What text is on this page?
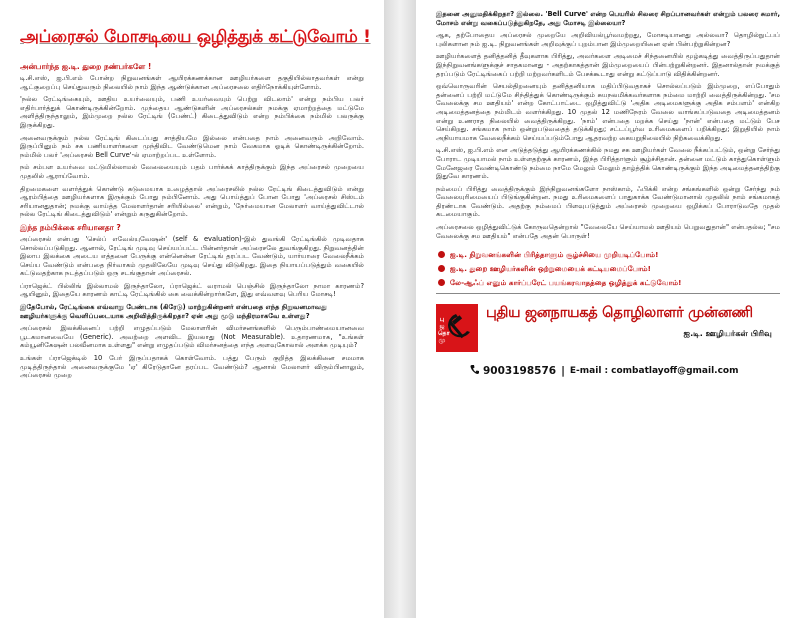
அப்ரைசல் மோசடியை ஒழித்துக் கட்டுவோம் !
அன்பார்ந்த ஐ.டி. துறை நண்பர்களே !

டி.சி.எஸ், ஐ.பி.எம் போன்ற நிறுவனங்கள் ஆயிரக்கணக்கான ஊழியர்களை தகுதியில்லாதவர்கள் என்று ஆட்குறைப்பு செய்துவரும் நிலையில் நாம் இந்த ஆண்டுக்கான அப்ரைசலை எதிர்நோக்கியுள்ளோம்.

'நல்ல ரேட்டிங்கையும், ஊதிய உயர்வையும், பணி உயர்வையும் பெற்று விடலாம்' என்று நம்பிய பலர் எதிர்பார்த்துக் கொண்டிருக்கின்றோம். முந்தைய ஆண்டுகளின் அப்ரைசல்கள் நமக்கு ஏமாற்றத்தை மட்டுமே அளித்திருந்தாலும், இம்முறை நல்ல ரேட்டிங் (பேண்ட்) கிடைத்துவிடும் என்ற நம்பிக்கை நம்மில் பலருக்கு இருக்கிறது.

அனைவருக்கும் நல்ல ரேட்டிங் கிடைப்பது சாத்தியமே இல்லை என்பதை நாம் அனைவரும் அறிவோம். இருப்பினும் நம் சக பணியாளர்களை முந்திவிட வேண்டுமென நாம் வேகமாக ஓடிக் கொண்டிருக்கின்றோம். நம்மில் பலர் 'அப்ரைசல் Bell Curve'-ல் ஏமாற்றப்பட உள்ளோம்.

நம் சம்பள உயர்வை மட்டுமில்லாமல் வேலையையும் பதம் பார்க்கக் காத்திருக்கும் இந்த அப்ரைசல் முறையை முதலில் ஆராய்வோம்.

திறமைகளை வளர்த்துக் கொண்டு கடுமையாக உழைத்தால் அப்ரைசலில் நல்ல ரேட்டிங் கிடைத்துவிடும் என்று ஆரம்பித்தை ஊழியர்களாக இருக்கும் போது நம்பினோம். அது பொய்த்துப் போன போது 'அப்ரைசல் சிஸ்டம் சரியானதுதான்; நமக்கு வாய்த்த மேலாளர்தான் சரியில்லை' என்றும், 'நேர்மையான மேலாளர் வாய்த்துவிட்டால் நல்ல ரேட்டிங் கிடைத்துவிடும்' என்றும் கருதுகின்றோம்.

இந்த நம்பிக்கை சரியானதா ?

அப்ரைசல் என்பது 'செல்ப் எவேல்யுவேஷன்' (self & evaluation)-இல் துவங்கி ரேட்டிங்கில் முடிவதாக சொல்லப்படுகிறது. ஆனால், ரேட்டிங் முடிவு செய்யப்பட்ட பின்னர்தான் அப்ரைசலே துவங்குகிறது. நிறுவனத்தின் இலாப இலக்கை அடைய எத்தனை பேருக்கு என்னென்ன ரேட்டிங் தரப்பட வேண்டும், யார்யாரை வேலைநீக்கம் செய்ய வேண்டும் என்பதை நிர்வாகம் முதலிலேயே முடிவு செய்து விடுகிறது. இதை நியாயப்படுத்தும் வகையில் கட்டுவதற்காக நடத்தப்படும் ஒரு சடங்குதான் அப்ரைசல்.

ப்ராஜெக்ட் பில்லிங் இல்லாமல் இருந்தாலோ, ப்ராஜெக்ட் வராமல் பெஞ்சில் இருந்தாலோ நாமா காரணம்? ஆயினும், இதையே காரணம் காட்டி ரேட்டிங்கில் கை வைக்கின்றார்களே, இது எவ்வளவு பெரிய மோசடி!

இதேபோல், ரேட்டிங்கை எவ்வாறு பேண்டாக (கிரேடு) மாற்றுகின்றனர் என்பதை எந்த நிறுவனமாவது ஊழியர்களுக்கு வெளிப்படையாக அறிவித்திருக்கிறதா? ஏன் அது மூடு மந்திரமாகவே உள்ளது?

அப்ரைசல் இலக்கினைப் பற்றி எழுதப்படும் மேலாளரின் விமர்சனங்களில் பெரும்பாண்மையானவை பூடகமானவையே (Generic). அவற்றை அளவிட இயலாது (Not Measurable). உதாரணமாக, "உங்கள் கம்யூனிகேஷன் பலவீனமாக உள்ளது" என்று எழுதப்படும் விமர்சனத்தை எந்த அளவுகோலால் அளக்க முடியும்?

உங்கள் ப்ராஜெக்டில் 10 பேர் இருப்பதாகக் கொள்வோம். பத்து பேரும் குறித்த இலக்கினை சமமாக முடித்திருந்தால் அனைவருக்குமே 'ஏ' கிரேடுதானே தரப்பட வேண்டும்? ஆனால் மேலாளர் விரும்பினாலும், அப்ரைசல் முறை

இதனை அனுமதிக்கிறதா? இல்லை. 'Bell Curve' என்ற பெயரில் சிலரை சிறப்பானவர்கள் என்றும் பலரை சுமார், மோசம் என்று வகைப்படுத்துகிறதே, அது மோசடி இல்லையா?

ஆக, தற்போதைய அப்ரைசல் முறையே அறிவியல்பூர்வமற்றது, மோசடியானது அல்லவா? தொழில்நுட்பப் புலிகளான நம் ஐ.டி. நிறுவனங்கள் அறிவுக்குப் புறம்பான இம்முறையினை ஏன் பின்பற்றுகின்றன?

ஊழியர்களைத் தனித்தனித் தீவுகளாக பிரித்து, அவர்களை அடிமைச் சிந்தனையில் மூழ்கடித்து வைத்திருப்பதுதான் இந்நிறுவனங்களுக்குச் சாதகமானது - அதற்காகத்தான் இம்முறையைப் பின்பற்றுகின்றனர். இதனால்தான் நமக்குத் தரப்படும் ரேட்டிங்கைப் பற்றி மற்றவர்களிடம் பேசக்கூடாது என்று கட்டுப்பாடு விதிக்கின்றனர்.

ஒவ்வொருவரின் செயல்திறனையும் தனித்தனியாக மதிப்பிடுவதாகச் சொல்லப்படும் இம்முறை, எப்போதும் தன்னைப் பற்றி மட்டுமே சிந்தித்துக் கொண்டிருக்கும் சுயநலமிக்கவர்களாக நம்மை மாற்றி வைத்திருக்கின்றது. 'சம வேலைக்கு சம ஊதியம்' என்ற கோட்பாட்டை ஒழித்துவிட்டு 'அதிக அடிமைகளுக்கு அதிக சம்பளம்' என்கிற அடிமைத்தனத்தை நம்மிடம் வளர்க்கிறது. 10 முதல் 12 மணிநேரம் வேலை வாங்கப்படுவதை அடிமைத்தனம் என்று உணராத நிலையில் வைத்திருக்கிறது. 'நாம்' என்பதை மறக்க செய்து 'நான்' என்பதை மட்டும் பேச செய்கிறது. சங்கமாக நாம் ஒன்றுபடுவதைத் தடுக்கிறது; சட்டப்பூர்வ உரிமைகளைப் பறிக்கிறது; இறுதியில் நாம் அநியாயமாக வேலைநீக்கம் செய்யப்படும்போது ஆதரவற்ற கையறுநிலையில் நிற்கவைக்கிறது.

டி.சி.எஸ், ஐ.பி.எம் என அடுத்தடுத்து ஆயிரக்கணக்கில் நமது சக ஊழியர்கள் வேலை நீக்கப்பட்டும், ஒன்று சேர்ந்து போராட முடியாமல் நாம் உள்ளதற்குக் காரணம், இந்த பிரித்தாளும் சூழ்ச்சிதான். தன்னை மட்டும் காத்துகொள்ளும் மேனேஜரை வேண்டிகொண்டு நம்மை நாமே மேலும் மேலும் தாழ்த்திக் கொண்டிருக்கும் இந்த அடிமைத்தனத்திற்கு இதுவே காரணம்.

நம்மைப் பிரித்து வைத்திருக்கும் இந்நிறுவனங்களோ நாஸ்காம், ஃபிக்கி என்ற சங்கங்களில் ஒன்று சேர்ந்து நம் வேலையுரிமையைப் பிடுங்குகின்றன. நமது உரிமைகளைப் பாதுகாக்க வேண்டுமானால் முதலில் நாம் சங்கமாகத் திரண்டாக வேண்டும். அதற்கு நம்மைப் பிளவுபடுத்தும் அப்ரைசல் முறையை ஒழிக்கப் போராடுவதே முதல் கடமையாகும்.

அப்ரைசலை ஒழித்துவிட்டுக் கோருவதென்றால் "வேலையே செய்யாமல் ஊதியம் பெறுவதுதான்" என்பதல்ல; "சம வேலைக்கு சம ஊதியம்" என்பதே அதன் பொருள்!

ஐ.டி. நிறுவனங்களின் பிரித்தாளும் சூழ்ச்சியை முறியடிப்போம்!
ஐ.டி. துறை ஊழியர்களின் ஒற்றுமையைக் கட்டியமைப்போம்!
லே-ஆஃப் எனும் கார்ப்பரேட் பயங்கரவாதத்தை ஒழித்துக் கட்டுவோம்!
பு ஜ தொ மு
புதிய ஜனநாயகத் தொழிலாளர் முன்னணி
ஐ.டி. ஊழியர்கள் பிரிவு
9003198576 | E-mail : combatlayoff@gmail.com
